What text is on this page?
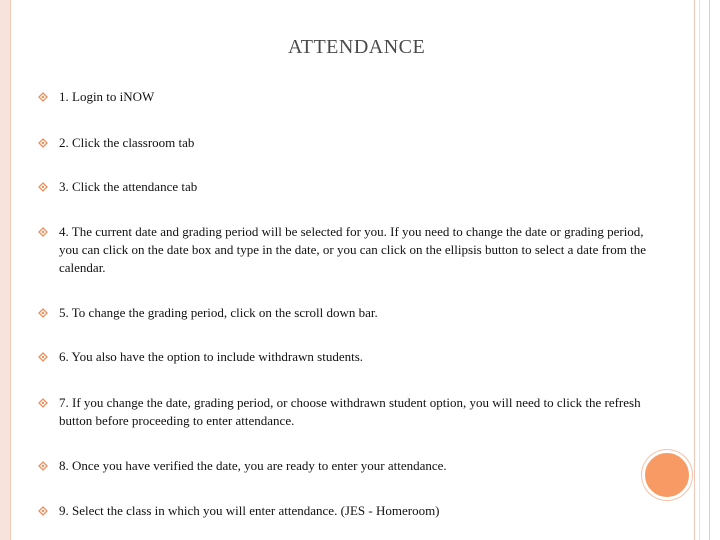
ATTENDANCE
1. Login to iNOW
2. Click the classroom tab
3. Click the attendance tab
4. The current date and grading period will be selected for you. If you need to change the date or grading period, you can click on the date box and type in the date, or you can click on the ellipsis button to select a date from the calendar.
5. To change the grading period, click on the scroll down bar.
6. You also have the option to include withdrawn students.
7. If you change the date, grading period, or choose withdrawn student option, you will need to click the refresh button before proceeding to enter attendance.
8. Once you have verified the date, you are ready to enter your attendance.
9. Select the class in which you will enter attendance. (JES - Homeroom)
